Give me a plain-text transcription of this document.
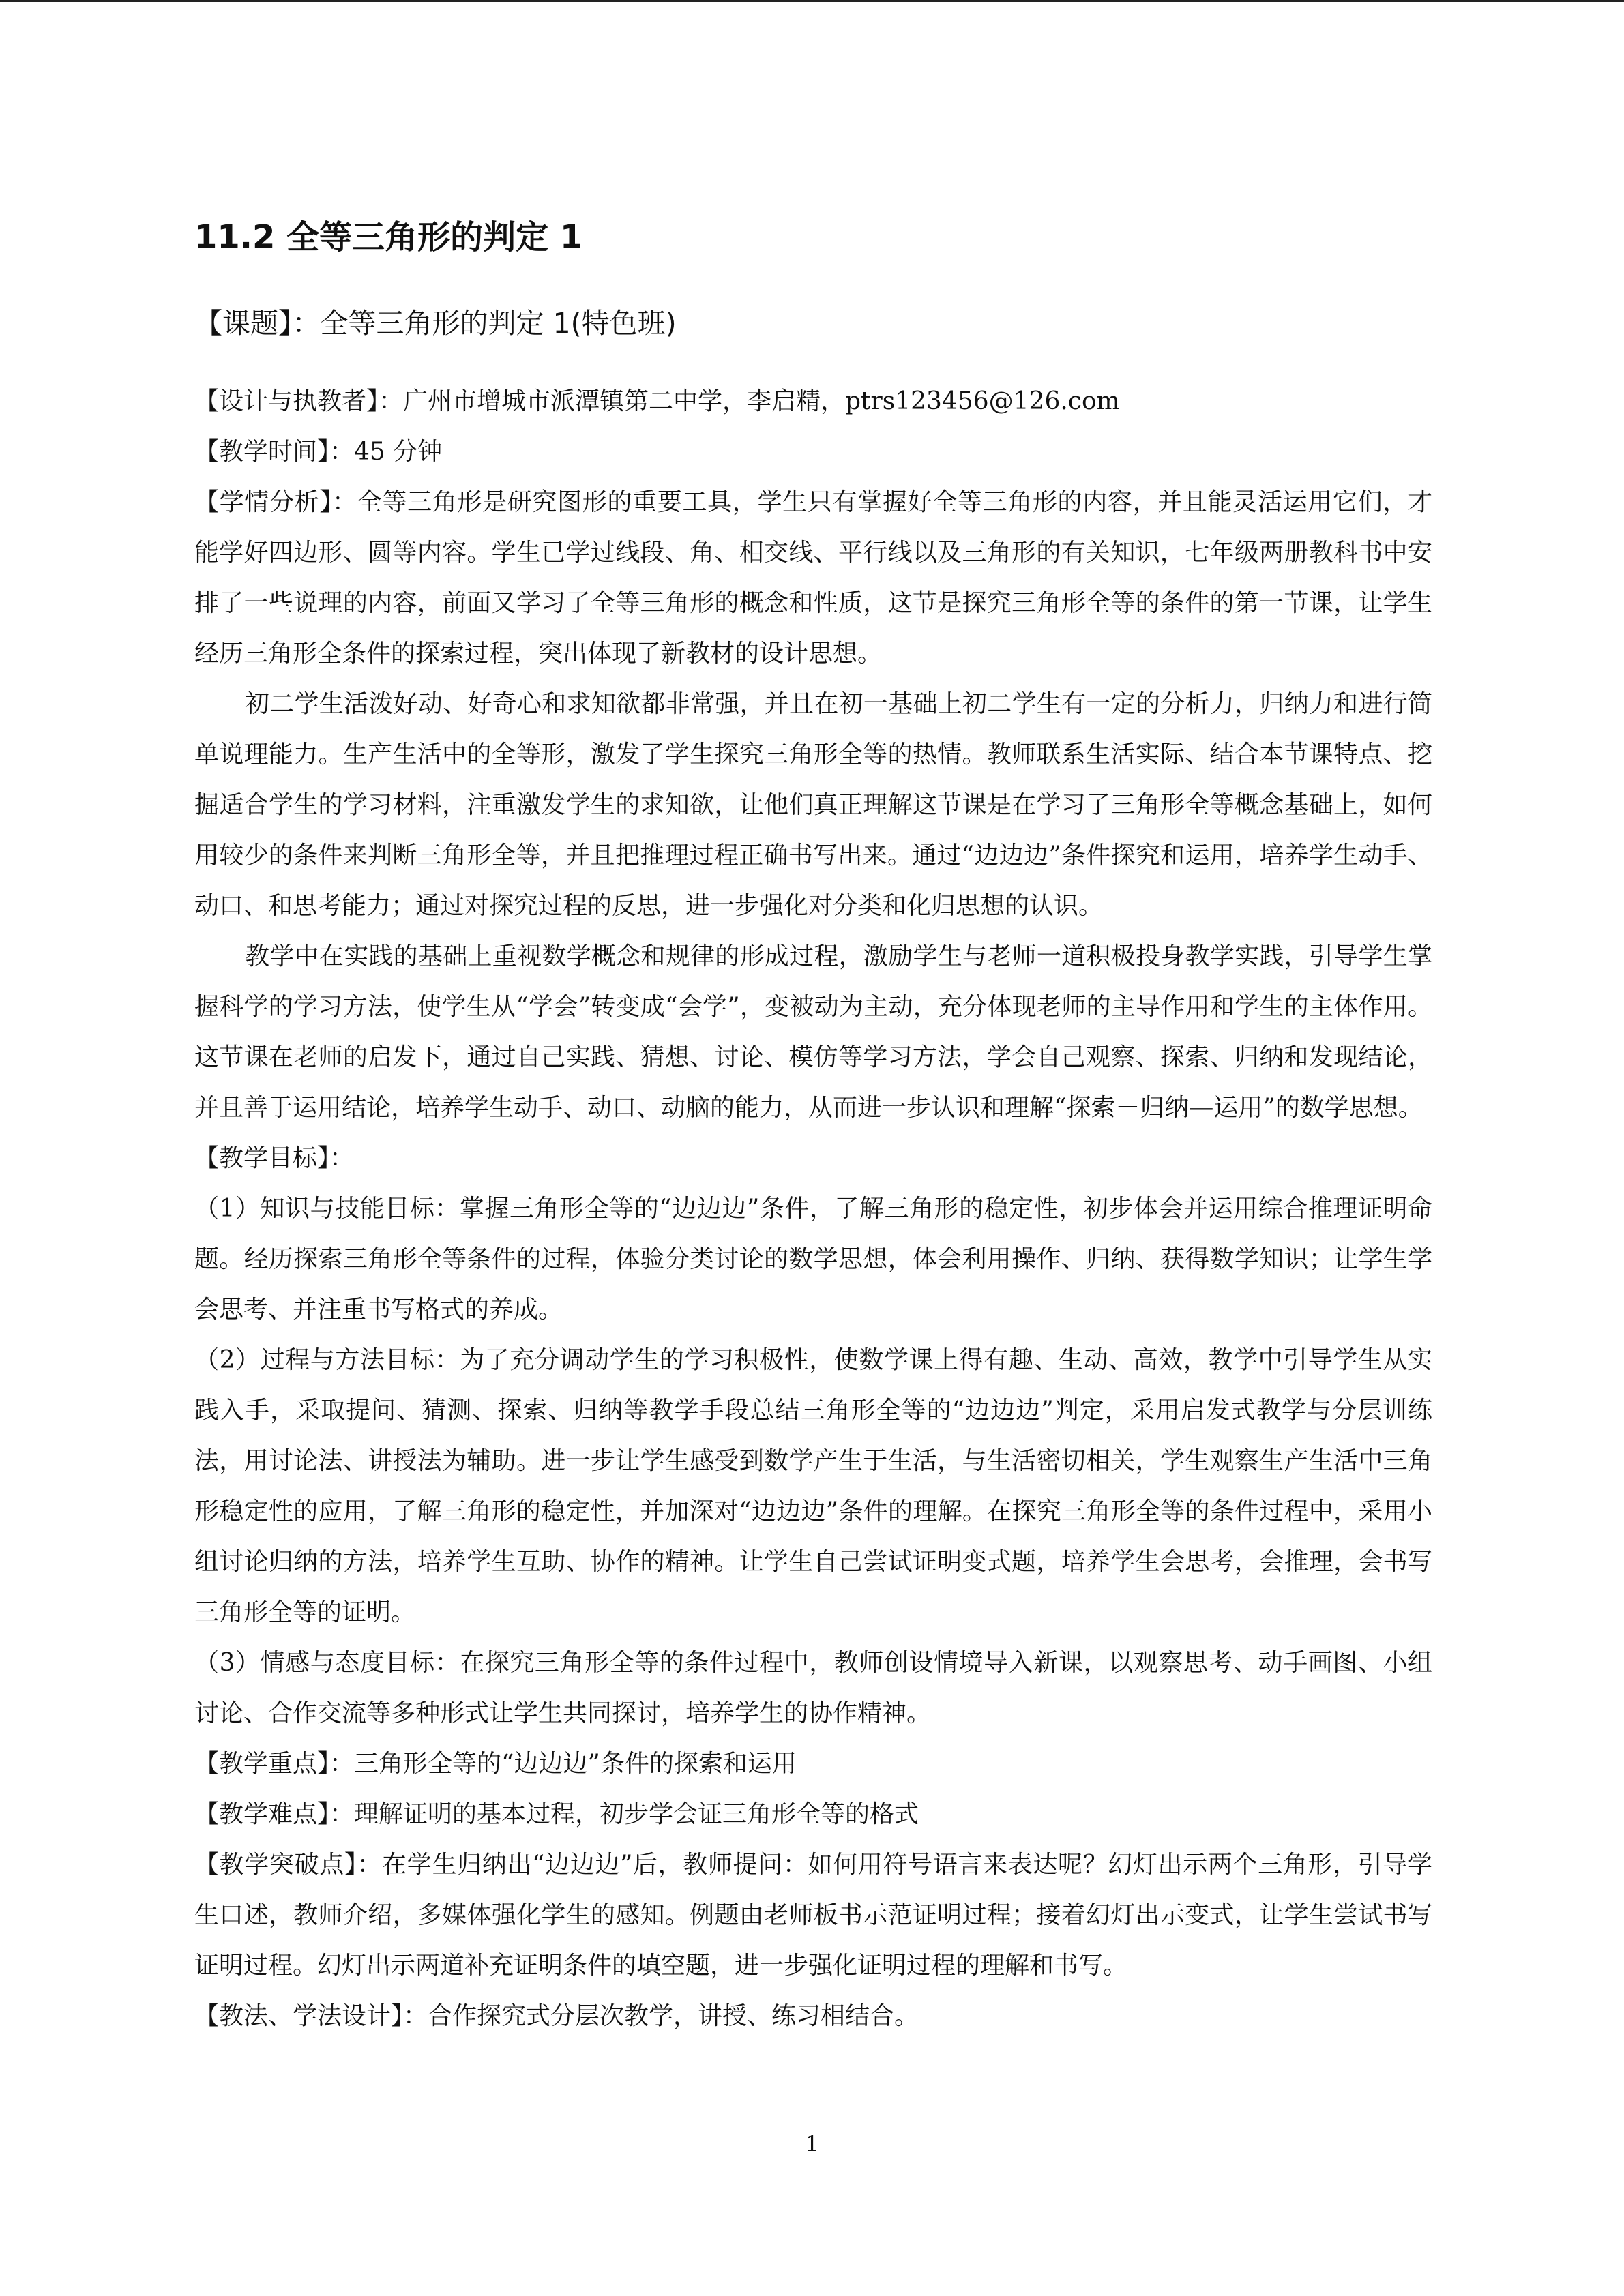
11.2 全等三角形的判定 1

【课题】：全等三角形的判定 1(特色班)

【设计与执教者】：广州市增城市派潭镇第二中学，李启精，ptrs123456@126.com

【教学时间】：45 分钟

【学情分析】：全等三角形是研究图形的重要工具，学生只有掌握好全等三角形的内容，并且能灵活运用它们，才能学好四边形、圆等内容。学生已学过线段、角、相交线、平行线以及三角形的有关知识，七年级两册教科书中安排了一些说理的内容，前面又学习了全等三角形的概念和性质，这节是探究三角形全等的条件的第一节课，让学生经历三角形全条件的探索过程，突出体现了新教材的设计思想。

初二学生活泼好动、好奇心和求知欲都非常强，并且在初一基础上初二学生有一定的分析力，归纳力和进行简单说理能力。生产生活中的全等形，激发了学生探究三角形全等的热情。教师联系生活实际、结合本节课特点、挖掘适合学生的学习材料，注重激发学生的求知欲，让他们真正理解这节课是在学习了三角形全等概念基础上，如何用较少的条件来判断三角形全等，并且把推理过程正确书写出来。通过“边边边”条件探究和运用，培养学生动手、动口、和思考能力；通过对探究过程的反思，进一步强化对分类和化归思想的认识。

教学中在实践的基础上重视数学概念和规律的形成过程，激励学生与老师一道积极投身教学实践，引导学生掌握科学的学习方法，使学生从“学会”转变成“会学”，变被动为主动，充分体现老师的主导作用和学生的主体作用。这节课在老师的启发下，通过自己实践、猜想、讨论、模仿等学习方法，学会自己观察、探索、归纳和发现结论，并且善于运用结论，培养学生动手、动口、动脑的能力，从而进一步认识和理解“探索－归纳—运用”的数学思想。

【教学目标】：

（1）知识与技能目标：掌握三角形全等的“边边边”条件，了解三角形的稳定性，初步体会并运用综合推理证明命题。经历探索三角形全等条件的过程，体验分类讨论的数学思想，体会利用操作、归纳、获得数学知识；让学生学会思考、并注重书写格式的养成。

（2）过程与方法目标：为了充分调动学生的学习积极性，使数学课上得有趣、生动、高效，教学中引导学生从实践入手，采取提问、猜测、探索、归纳等教学手段总结三角形全等的“边边边”判定，采用启发式教学与分层训练法，用讨论法、讲授法为辅助。进一步让学生感受到数学产生于生活，与生活密切相关，学生观察生产生活中三角形稳定性的应用，了解三角形的稳定性，并加深对“边边边”条件的理解。在探究三角形全等的条件过程中，采用小组讨论归纳的方法，培养学生互助、协作的精神。让学生自己尝试证明变式题，培养学生会思考，会推理，会书写三角形全等的证明。

（3）情感与态度目标：在探究三角形全等的条件过程中，教师创设情境导入新课，以观察思考、动手画图、小组讨论、合作交流等多种形式让学生共同探讨，培养学生的协作精神。

【教学重点】：三角形全等的“边边边”条件的探索和运用

【教学难点】：理解证明的基本过程，初步学会证三角形全等的格式

【教学突破点】：在学生归纳出“边边边”后，教师提问：如何用符号语言来表达呢？幻灯出示两个三角形，引导学生口述，教师介绍，多媒体强化学生的感知。例题由老师板书示范证明过程；接着幻灯出示变式，让学生尝试书写证明过程。幻灯出示两道补充证明条件的填空题，进一步强化证明过程的理解和书写。

【教法、学法设计】：合作探究式分层次教学，讲授、练习相结合。

1
